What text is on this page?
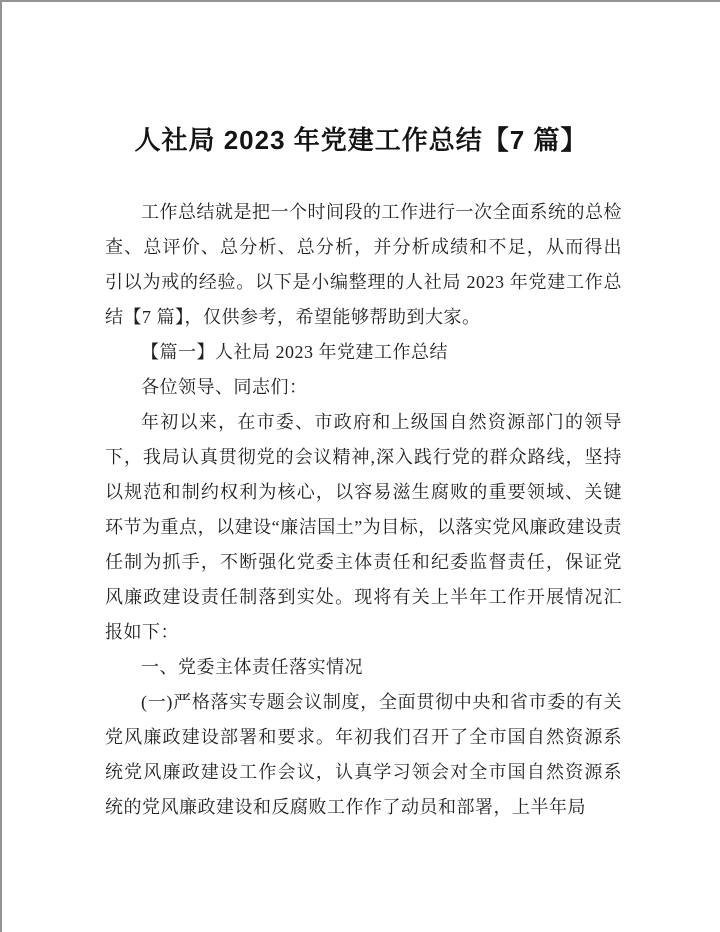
人社局 2023 年党建工作总结【7 篇】

工作总结就是把一个时间段的工作进行一次全面系统的总检查、总评价、总分析、总分析，并分析成绩和不足，从而得出引以为戒的经验。以下是小编整理的人社局 2023 年党建工作总结【7 篇】，仅供参考，希望能够帮助到大家。

【篇一】人社局 2023 年党建工作总结

各位领导、同志们：

年初以来，在市委、市政府和上级国自然资源部门的领导下，我局认真贯彻党的会议精神,深入践行党的群众路线，坚持以规范和制约权利为核心，以容易滋生腐败的重要领域、关键环节为重点，以建设“廉洁国土”为目标，以落实党风廉政建设责任制为抓手，不断强化党委主体责任和纪委监督责任，保证党风廉政建设责任制落到实处。现将有关上半年工作开展情况汇报如下：

一、党委主体责任落实情况

(一)严格落实专题会议制度，全面贯彻中央和省市委的有关党风廉政建设部署和要求。年初我们召开了全市国自然资源系统党风廉政建设工作会议，认真学习领会对全市国自然资源系统的党风廉政建设和反腐败工作作了动员和部署，上半年局
